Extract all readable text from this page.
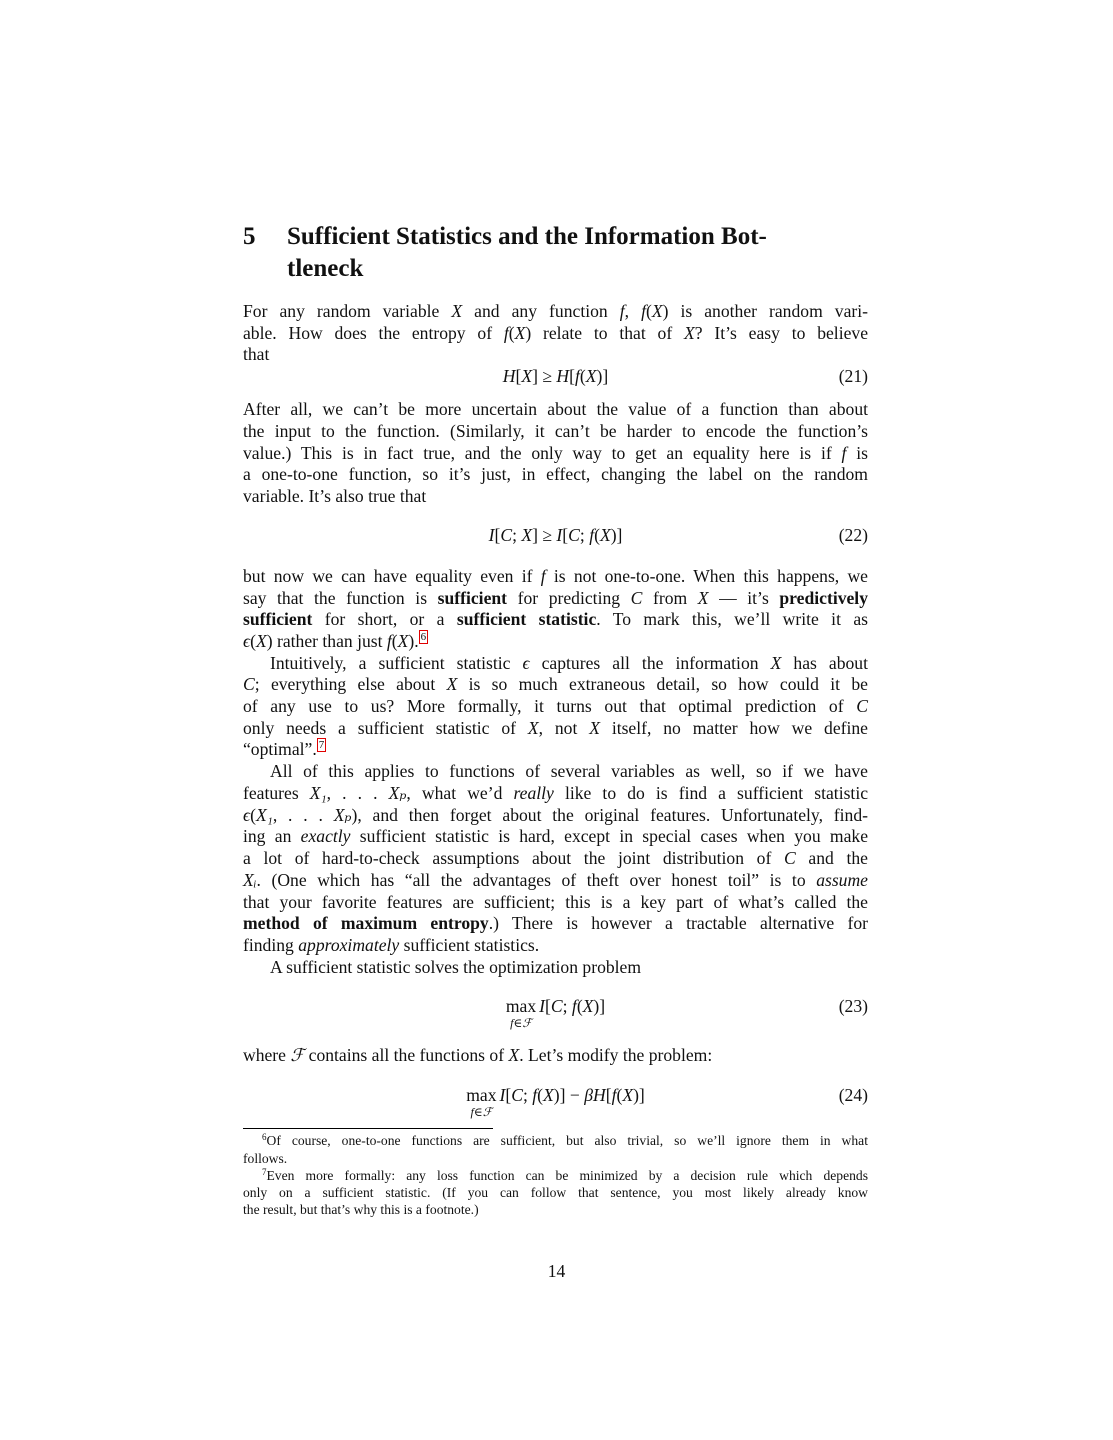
5 Sufficient Statistics and the Information Bot-
tleneck
For any random variable X and any function f, f(X) is another random vari-
able. How does the entropy of f(X) relate to that of X? It’s easy to believe
that
After all, we can’t be more uncertain about the value of a function than about
the input to the function. (Similarly, it can’t be harder to encode the function’s
value.) This is in fact true, and the only way to get an equality here is if f is
a one-to-one function, so it’s just, in effect, changing the label on the random
variable. It’s also true that
but now we can have equality even if f is not one-to-one. When this happens, we
say that the function is sufficient for predicting C from X — it’s predictively
sufficient for short, or a sufficient statistic. To mark this, we’ll write it as
ϵ(X) rather than just f(X). $^6$
Intuitively, a sufficient statistic ϵ captures all the information X has about
C; everything else about X is so much extraneous detail, so how could it be
of any use to us? More formally, it turns out that optimal prediction of C
only needs a sufficient statistic of X, not X itself, no matter how we define
“optimal”. $^7$
All of this applies to functions of several variables as well, so if we have
features X₁, . . . Xₚ, what we’d really like to do is find a sufficient statistic
ϵ(X₁, . . . Xₚ), and then forget about the original features. Unfortunately, find-
ing an exactly sufficient statistic is hard, except in special cases when you make
a lot of hard-to-check assumptions about the joint distribution of C and the
Xᵢ. (One which has “all the advantages of theft over honest toil” is to assume
that your favorite features are sufficient; this is a key part of what’s called the
method of maximum entropy.) There is however a tractable alternative for
finding approximately sufficient statistics.
A sufficient statistic solves the optimization problem
where ℱ contains all the functions of X. Let’s modify the problem:
H[X] ≥ H[f(X)]	(21)
I[C; X] ≥ I[C; f(X)]	(22)
max
f∈ℱ
I[C; f(X)]	(23)
max
f∈ℱ
I[C; f(X)] − βH[f(X)]	(24)
$^6$Of course, one-to-one functions are sufficient, but also trivial, so we’ll ignore them in what
follows.
$^7$Even more formally: any loss function can be minimized by a decision rule which depends
only on a sufficient statistic. (If you can follow that sentence, you most likely already know
the result, but that’s why this is a footnote.)
14
